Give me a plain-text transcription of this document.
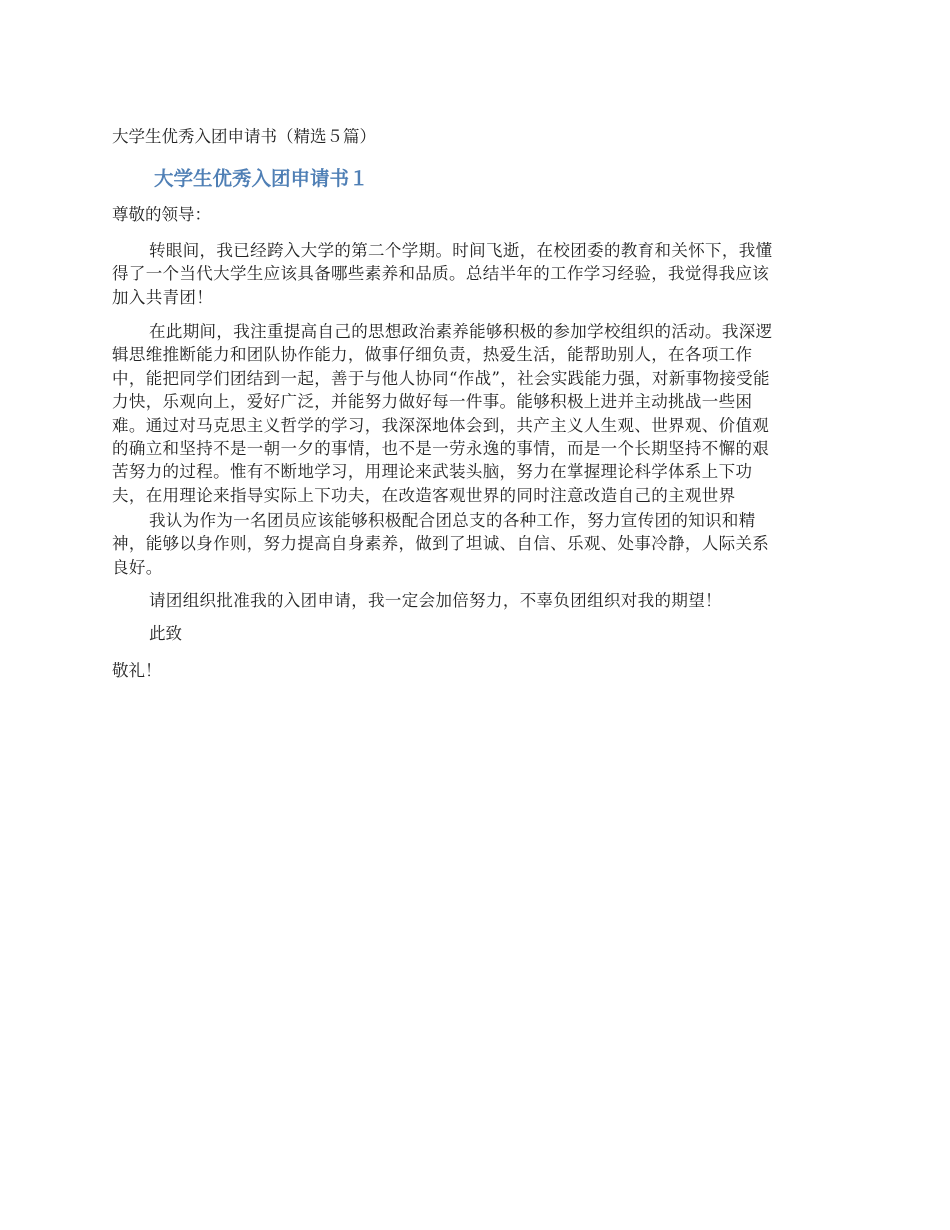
大学生优秀入团申请书（精选５篇）
大学生优秀入团申请书１
尊敬的领导：
转眼间，我已经跨入大学的第二个学期。时间飞逝，在校团委的教育和关怀下，我懂
得了一个当代大学生应该具备哪些素养和品质。总结半年的工作学习经验，我觉得我应该
加入共青团！
在此期间，我注重提高自己的思想政治素养能够积极的参加学校组织的活动。我深逻
辑思维推断能力和团队协作能力，做事仔细负责，热爱生活，能帮助别人，在各项工作
中，能把同学们团结到一起，善于与他人协同“作战”，社会实践能力强，对新事物接受能
力快，乐观向上，爱好广泛，并能努力做好每一件事。能够积极上进并主动挑战一些困
难。通过对马克思主义哲学的学习，我深深地体会到，共产主义人生观、世界观、价值观
的确立和坚持不是一朝一夕的事情，也不是一劳永逸的事情，而是一个长期坚持不懈的艰
苦努力的过程。惟有不断地学习，用理论来武装头脑，努力在掌握理论科学体系上下功
夫，在用理论来指导实际上下功夫，在改造客观世界的同时注意改造自己的主观世界
我认为作为一名团员应该能够积极配合团总支的各种工作，努力宣传团的知识和精
神，能够以身作则，努力提高自身素养，做到了坦诚、自信、乐观、处事冷静，人际关系
良好。
请团组织批准我的入团申请，我一定会加倍努力，不辜负团组织对我的期望！
此致
敬礼！
